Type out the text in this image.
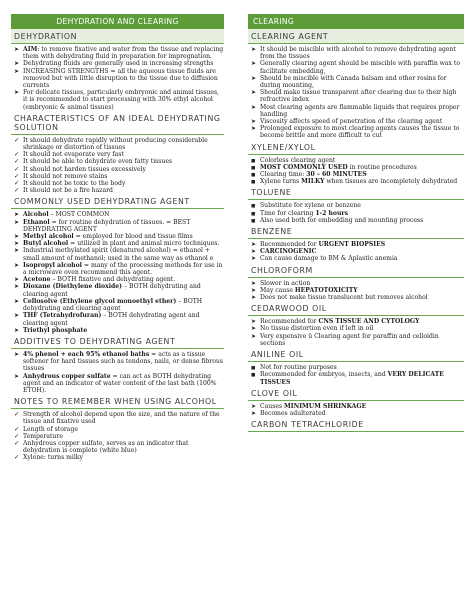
DEHYDRATION AND CLEARING
DEHYDRATION
➤ AIM: to remove fixative and water from the tissue and replacing them with dehydrating fluid in preparation for impregnation.
➤ Dehydrating fluids are generally used in increasing strengths
➤ INCREASING STRENGTHS = all the aqueous tissue fluids are removed but with little disruption to the tissue due to diffusion currents
➤ For delicate tissues, particularly embryonic and animal tissues, it is recommended to start processing with 30% ethyl alcohol (embryonic & animal tissues)
CHARACTERISTICS OF AN IDEAL DEHYDRATING SOLUTION
✓ It should dehydrate rapidly without producing considerable shrinkage or distortion of tissues
✓ It should not evaporate very fast
✓ It should be able to dehydrate even fatty tissues
✓ It should not harden tissues excessively
✓ It should not remove stains
✓ It should not be toxic to the body
✓ It should not be a fire hazard
COMMONLY USED DEHYDRATING AGENT
➤ Alcohol – MOST COMMON
➤ Ethanol = for routine dehydration of tissues. = BEST DEHYDRATING AGENT
➤ Methyl alcohol = employed for blood and tissue films
➤ Butyl alcohol = utilized in plant and animal micro techniques.
➤ Industrial methylated spirit (denatured alcohol) = ethanol + small amount of methanol; used in the same way as ethanol e
➤ Isopropyl alcohol = many of the processing methods for use in a microwave oven recommend this agent.
➤ Acetone – BOTH fixative and dehydrating agent.
➤ Dioxane (Diethylene dioxide) – BOTH dehydrating and clearing agent
➤ Cellosolve (Ethylene glycol monoethyl ether) – BOTH dehydrating and clearing agent
➤ THF (Tetrahydrofuran) – BOTH dehydrating agent and clearing agent
➤ Triethyl phosphate
ADDITIVES TO DEHYDRATING AGENT
➤ 4% phenol + each 95% ethanol baths = acts as a tissue softener for hard tissues such as tendons, nails, or dense fibrous tissues
➤ Anhydrous copper sulfate = can act as BOTH dehydrating agent and an indicator of water content of the last bath (100% ETOH).
NOTES TO REMEMBER WHEN USING ALCOHOL
✓ Strength of alcohol depend upon the size, and the nature of the tissue and fixative used
✓ Length of storage
✓ Temperature
✓ Anhydrous copper sulfate, serves as an indicator that dehydration is complete (white blue)
✓ Xylene: turns milky
CLEARING
CLEARING AGENT
➤ It should be miscible with alcohol to remove dehydrating agent from the tissues
➤ Generally clearing agent should be miscible with paraffin wax to facilitate embedding,
➤ Should be miscible with Canada balsam and other resins for during mounting,
➤ Should make tissue transparent after clearing due to their high refractive index
➤ Most clearing agents are flammable liquids that requires proper handling
➤ Viscosity affects speed of penetration of the clearing agent
➤ Prolonged exposure to most clearing agents causes the tissue to become brittle and more difficult to cut
XYLENE/XYLOL
■ Colorless clearing agent
■ MOST COMMONLY USED in routine procedures
■ Clearing time: 30 – 60 MINUTES
■ Xylene turns MILKY when tissues are incompletely dehydrated
TOLUENE
■ Substitute for xylene or benzene
■ Time for clearing 1-2 hours
■ Also used both for embedding and mounting process
BENZENE
➤ Recommended for URGENT BIOPSIES
➤ CARCINOGENIC
➤ Can cause damage to BM & Aplastic anemia
CHLOROFORM
➤ Slower in action
➤ May cause HEPATOTOXICITY
➤ Does not make tissue translucent but removes alcohol
CEDARWOOD OIL
➤ Recommended for CNS TISSUE AND CYTOLOGY
➤ No tissue distortion even if left in oil
➤ Very expensive ü Clearing agent for paraffin and celloidin sections
ANILINE OIL
■ Not for routine purposes
■ Recommended for embryos, insects, and VERY DELICATE TISSUES
CLOVE OIL
➤ Causes MINIMUM SHRINKAGE
➤ Becomes adulterated
CARBON TETRACHLORIDE
